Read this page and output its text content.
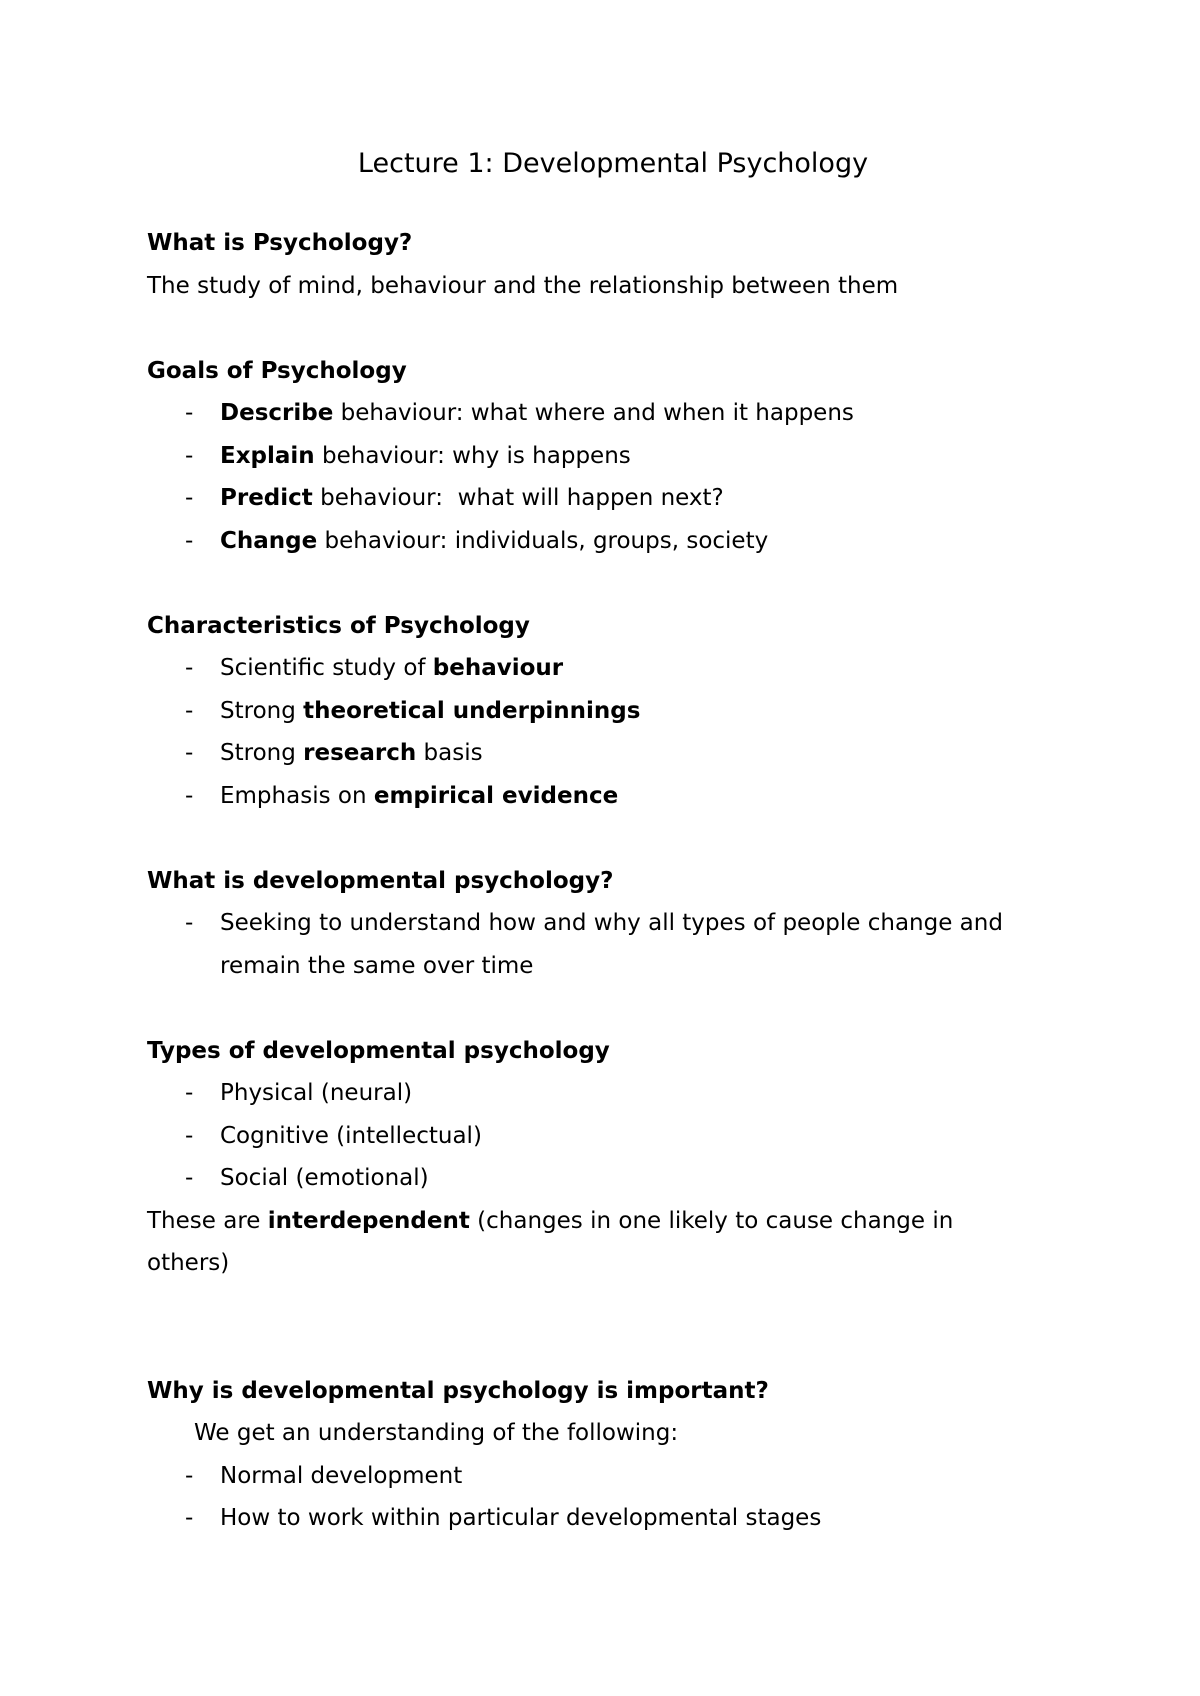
Lecture 1: Developmental Psychology

What is Psychology?

The study of mind, behaviour and the relationship between them

Goals of Psychology

- Describe behaviour: what where and when it happens
- Explain behaviour: why is happens
- Predict behaviour:  what will happen next?
- Change behaviour: individuals, groups, society

Characteristics of Psychology

- Scientific study of behaviour
- Strong theoretical underpinnings
- Strong research basis
- Emphasis on empirical evidence

What is developmental psychology?

- Seeking to understand how and why all types of people change and remain the same over time

Types of developmental psychology

- Physical (neural)
- Cognitive (intellectual)
- Social (emotional)

These are interdependent (changes in one likely to cause change in others)

Why is developmental psychology is important?

We get an understanding of the following:

- Normal development
- How to work within particular developmental stages
